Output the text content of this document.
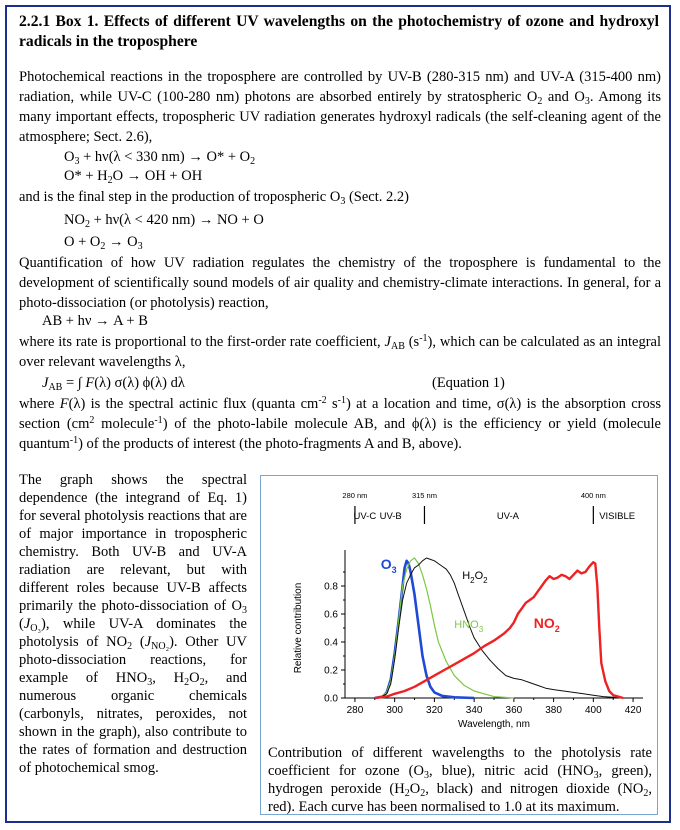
2.2.1 Box 1. Effects of different UV wavelengths on the photochemistry of ozone and hydroxyl radicals in the troposphere
Photochemical reactions in the troposphere are controlled by UV-B (280-315 nm) and UV-A (315-400 nm) radiation, while UV-C (100-280 nm) photons are absorbed entirely by stratospheric $O_2$ and $O_3$. Among its many important effects, tropospheric UV radiation generates hydroxyl radicals (the self-cleaning agent of the atmosphere; Sect. 2.6),
$O_3 + h\nu(\lambda < 330$ $nm) \to O* + O_2$
$O* + H_2O$ → OH + OH
and is the final step in the production of tropospheric $O_3$ (Sect. 2.2)
$NO_2 + h\nu(\lambda < 420$ nm) → NO + O
$O + O_2 \to O_3$
Quantification of how UV radiation regulates the chemistry of the troposphere is fundamental to the development of scientifically sound models of air quality and chemistry-climate interactions. In general, for a photo-dissociation (or photolysis) reaction,
AB + hν → A + B
where its rate is proportional to the first-order rate coefficient, $J_{AB}$ $(s^{-1})$, which can be calculated as an integral over relevant wavelengths λ,
$J_{AB}$ = ∫ F(λ) σ(λ) ϕ(λ) dλ	(Equation 1)
where F(λ) is the spectral actinic flux (quanta $cm^{-2}$ $s^{-1}$) at a location and time, σ(λ) is the absorption cross section ($cm^2$ molecule$^{-1}$) of the photo-labile molecule AB, and ϕ(λ) is the efficiency or yield (molecule quantum$^{-1}$) of the products of interest (the photo-fragments A and B, above).
The graph shows the spectral dependence (the integrand of Eq. 1) for several photolysis reactions that are of major importance in tropospheric chemistry. Both UV-B and UV-A radiation are relevant, but with different roles because UV-B affects primarily the photo-dissociation of $O_3$ $(J_{O_3})$, while UV-A dominates the photolysis of $NO_2$ $(J_{NO_2})$. Other UV photo-dissociation reactions, for example of $HNO_3$, $H_2O_2$, and numerous organic chemicals (carbonyls, nitrates, peroxides, not shown in the graph), also contribute to the rates of formation and destruction of photochemical smog.
280 nm	315 nm	400 nm
UV-C UV-B	UV-A	VISIBLE
280 300 320 340 360 380 400 420
0.0
0.2
0.4
0.6
0.8
Wavelength, nm
Relative contribution
$O_3$
$HNO_3$
$H_2O_2$
$NO_2$
Contribution of different wavelengths to the photolysis rate coefficient for ozone ($O_3$, blue), nitric acid ($HNO_3$, green), hydrogen peroxide ($H_2O_2$, black) and nitrogen dioxide ($NO_2$, red). Each curve has been normalised to 1.0 at its maximum.
